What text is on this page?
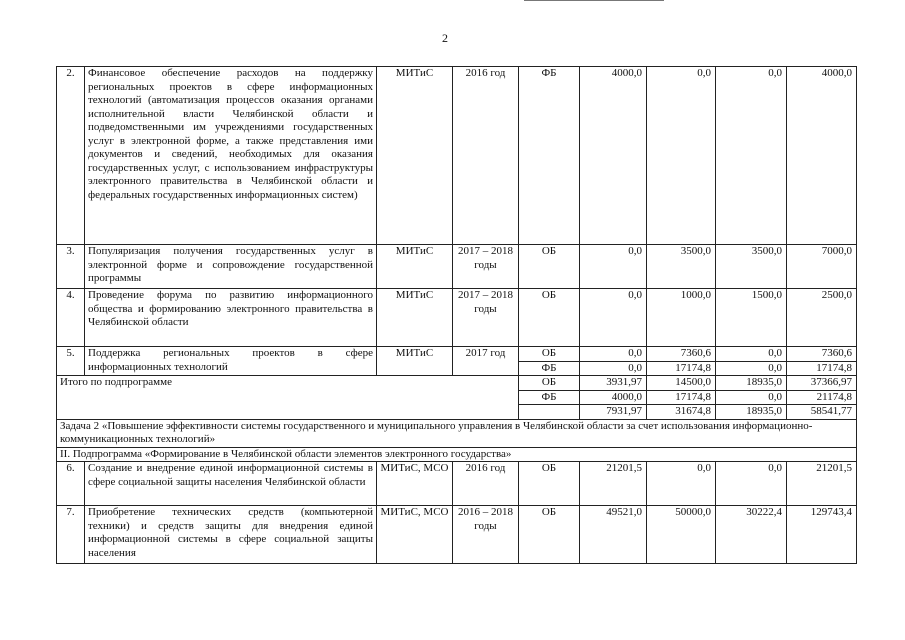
2
2.	Финансовое обеспечение расходов на поддержку региональных проектов в сфере информационных технологий (автоматизация процессов оказания органами исполнительной власти Челябинской области и подведомственными им учреждениями государственных услуг в электронной форме, а также представления ими документов и сведений, необходимых для оказания государственных услуг, с использованием инфраструктуры электронного правительства в Челябинской области и федеральных государственных информационных систем)	МИТиС	2016 год	ФБ	4000,0	0,0	0,0	4000,0
3.	Популяризация получения государственных услуг в электронной форме и сопровождение государственной программы	МИТиС	2017 – 2018 годы	ОБ	0,0	3500,0	3500,0	7000,0
4.	Проведение форума по развитию информационного общества и формированию электронного правительства в Челябинской области	МИТиС	2017 – 2018 годы	ОБ	0,0	1000,0	1500,0	2500,0
5.	Поддержка региональных проектов в сфере информационных технологий	МИТиС	2017 год	ОБ	0,0	7360,6	0,0	7360,6
				ФБ	0,0	17174,8	0,0	17174,8
Итого по подпрограмме				ОБ	3931,97	14500,0	18935,0	37366,97
				ФБ	4000,0	17174,8	0,0	21174,8
					7931,97	31674,8	18935,0	58541,77
Задача 2 «Повышение эффективности системы государственного и муниципального управления в Челябинской области за счет использования информационно-коммуникационных технологий»								
II. Подпрограмма «Формирование в Челябинской области элементов электронного государства»								
6.	Создание и внедрение единой информационной системы в сфере социальной защиты населения Челябинской области	МИТиС, МСО	2016 год	ОБ	21201,5	0,0	0,0	21201,5
7.	Приобретение технических средств (компьютерной техники) и средств защиты для внедрения единой информационной системы в сфере социальной защиты населения	МИТиС, МСО	2016 – 2018 годы	ОБ	49521,0	50000,0	30222,4	129743,4
